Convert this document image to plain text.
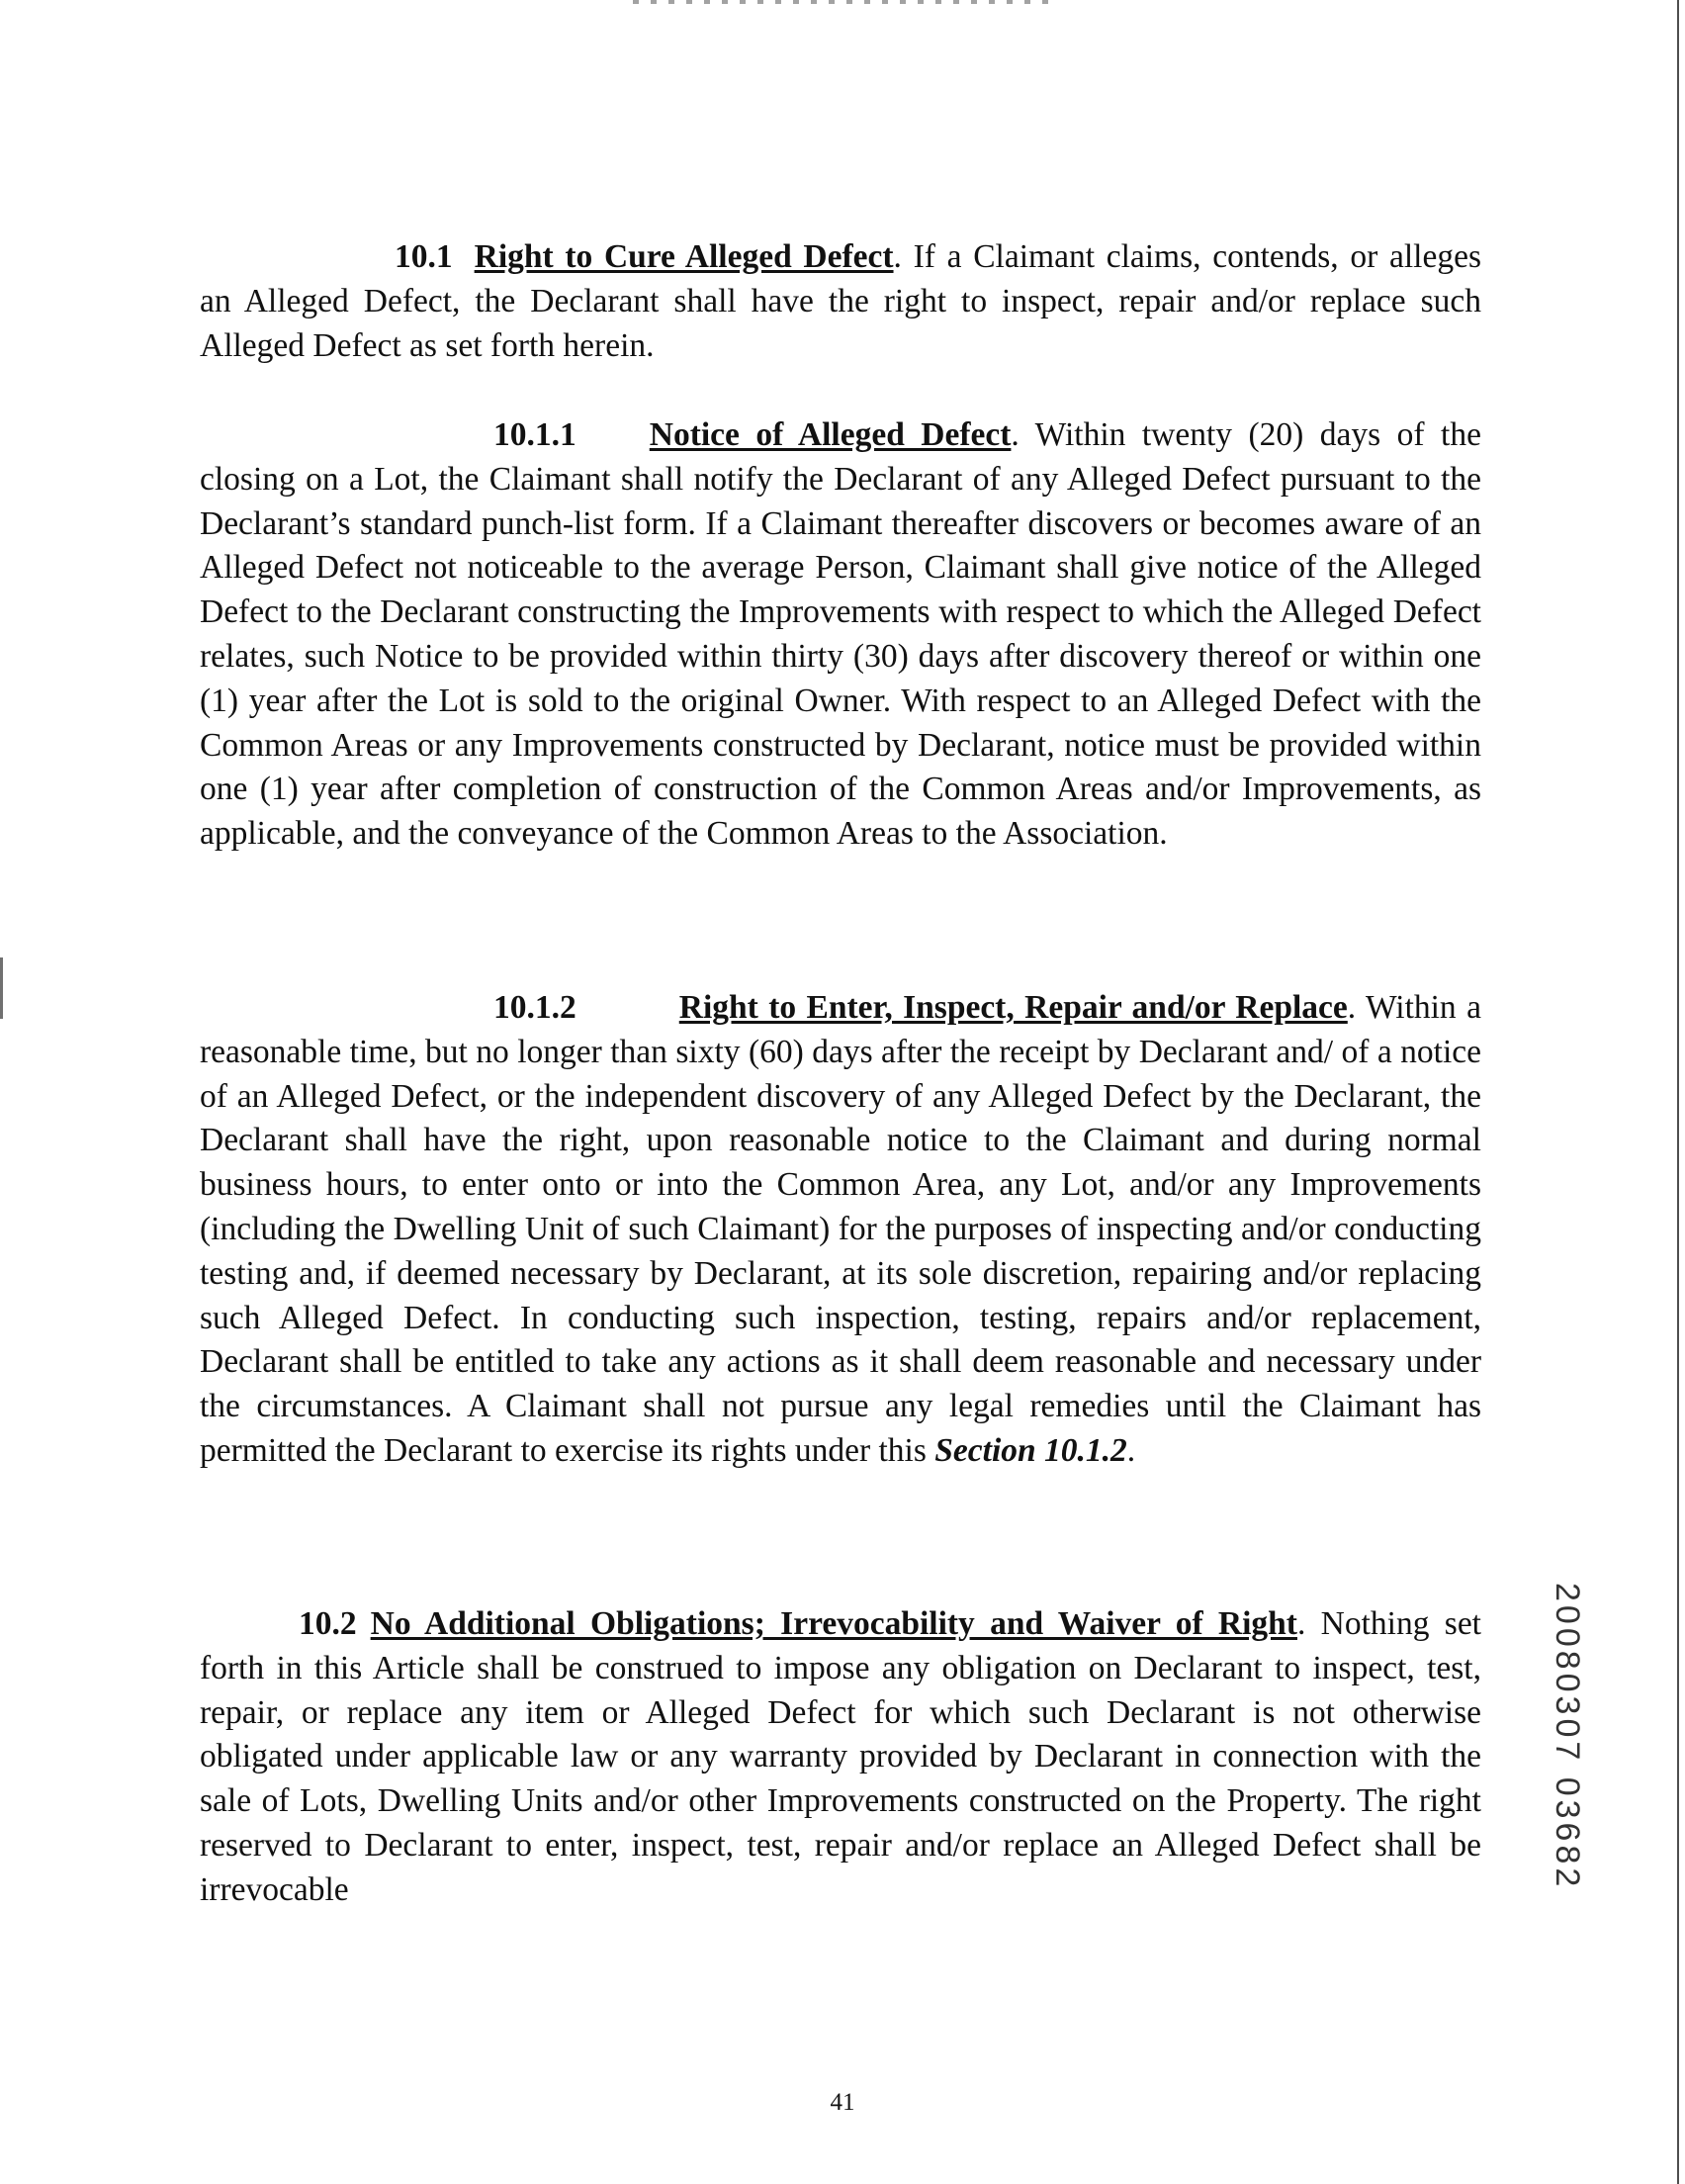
10.1 Right to Cure Alleged Defect. If a Claimant claims, contends, or alleges an Alleged Defect, the Declarant shall have the right to inspect, repair and/or replace such Alleged Defect as set forth herein.

10.1.1 Notice of Alleged Defect. Within twenty (20) days of the closing on a Lot, the Claimant shall notify the Declarant of any Alleged Defect pursuant to the Declarant’s standard punch-list form. If a Claimant thereafter discovers or becomes aware of an Alleged Defect not noticeable to the average Person, Claimant shall give notice of the Alleged Defect to the Declarant constructing the Improvements with respect to which the Alleged Defect relates, such Notice to be provided within thirty (30) days after discovery thereof or within one (1) year after the Lot is sold to the original Owner. With respect to an Alleged Defect with the Common Areas or any Improvements constructed by Declarant, notice must be provided within one (1) year after completion of construction of the Common Areas and/or Improvements, as applicable, and the conveyance of the Common Areas to the Association.

10.1.2	Right to Enter, Inspect, Repair and/or Replace. Within a reasonable time, but no longer than sixty (60) days after the receipt by Declarant and/ of a notice of an Alleged Defect, or the independent discovery of any Alleged Defect by the Declarant, the Declarant shall have the right, upon reasonable notice to the Claimant and during normal business hours, to enter onto or into the Common Area, any Lot, and/or any Improvements (including the Dwelling Unit of such Claimant) for the purposes of inspecting and/or conducting testing and, if deemed necessary by Declarant, at its sole discretion, repairing and/or replacing such Alleged Defect. In conducting such inspection, testing, repairs and/or replacement, Declarant shall be entitled to take any actions as it shall deem reasonable and necessary under the circumstances. A Claimant shall not pursue any legal remedies until the Claimant has permitted the Declarant to exercise its rights under this Section 10.1.2.

10.2 No Additional Obligations; Irrevocability and Waiver of Right. Nothing set forth in this Article shall be construed to impose any obligation on Declarant to inspect, test, repair, or replace any item or Alleged Defect for which such Declarant is not otherwise obligated under applicable law or any warranty provided by Declarant in connection with the sale of Lots, Dwelling Units and/or other Improvements constructed on the Property. The right reserved to Declarant to enter, inspect, test, repair and/or replace an Alleged Defect shall be irrevocable	20080307 03682
41
